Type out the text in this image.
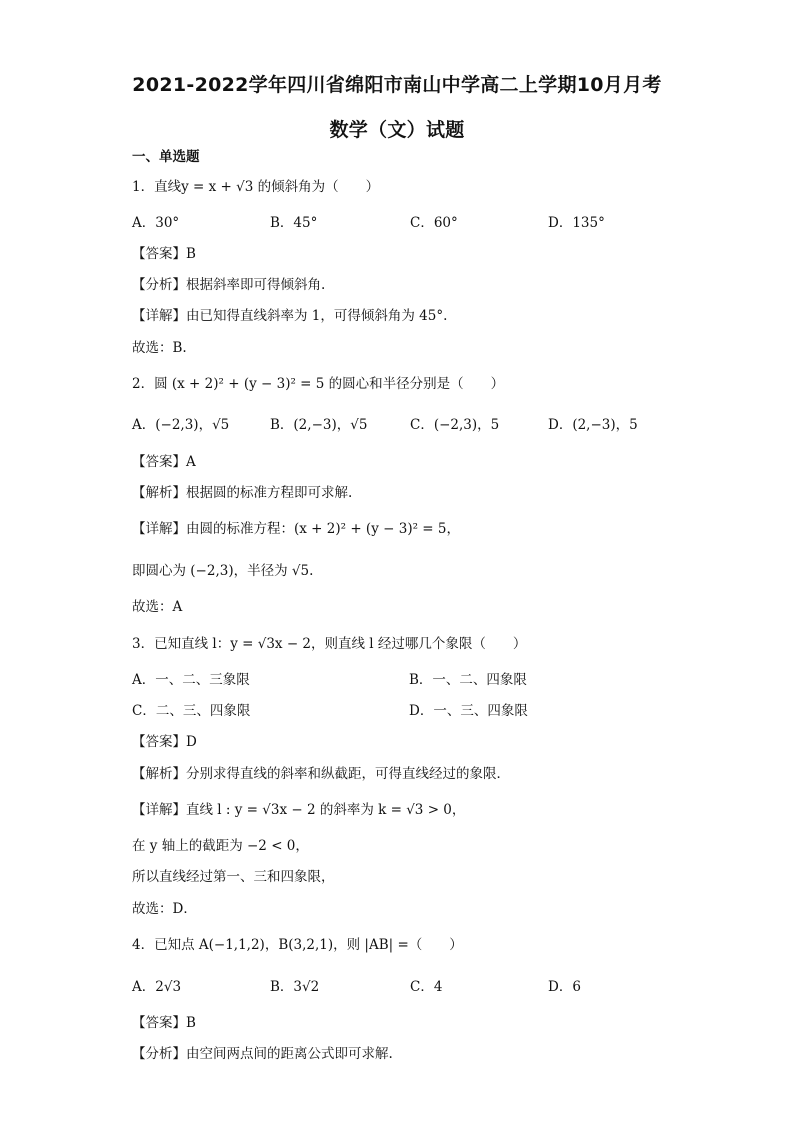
2021-2022学年四川省绵阳市南山中学高二上学期10月月考
数学（文）试题
一、单选题
1．直线y = x + √3 的倾斜角为（　　）
A．30°	B．45°	C．60°	D．135°
【答案】B
【分析】根据斜率即可得倾斜角.
【详解】由已知得直线斜率为 1，可得倾斜角为 45°.
故选：B.
2．圆 (x + 2)² + (y − 3)² = 5 的圆心和半径分别是（　　）
A．(−2,3)，√5	B．(2,−3)，√5	C．(−2,3)，5	D．(2,−3)，5
【答案】A
【解析】根据圆的标准方程即可求解.
【详解】由圆的标准方程：(x + 2)² + (y − 3)² = 5，
即圆心为 (−2,3)，半径为 √5.
故选：A
3．已知直线 l：y = √3x − 2，则直线 l 经过哪几个象限（　　）
A．一、二、三象限	B．一、二、四象限
C．二、三、四象限	D．一、三、四象限
【答案】D
【解析】分别求得直线的斜率和纵截距，可得直线经过的象限．
【详解】直线 l : y = √3x − 2 的斜率为 k = √3 > 0，
在 y 轴上的截距为 −2 < 0，
所以直线经过第一、三和四象限，
故选：D．
4．已知点 A(−1,1,2)，B(3,2,1)，则 |AB| =（　　）
A．2√3	B．3√2	C．4	D．6
【答案】B
【分析】由空间两点间的距离公式即可求解.
